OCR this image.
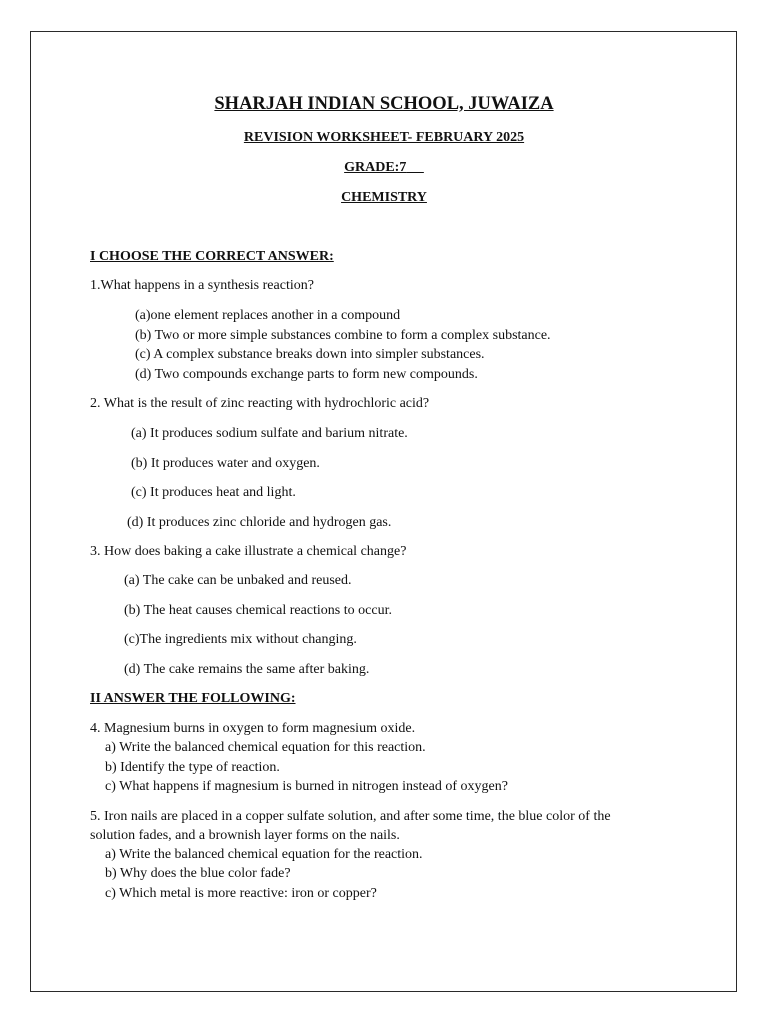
SHARJAH INDIAN SCHOOL, JUWAIZA
REVISION WORKSHEET- FEBRUARY 2025
GRADE:7
CHEMISTRY
I CHOOSE THE CORRECT ANSWER:
1.What happens in a synthesis reaction?
(a)one element replaces another in a compound
(b) Two or more simple substances combine to form a complex substance.
(c) A complex substance breaks down into simpler substances.
(d) Two compounds exchange parts to form new compounds.
2. What is the result of zinc reacting with hydrochloric acid?
(a) It produces sodium sulfate and barium nitrate.
(b) It produces water and oxygen.
(c) It produces heat and light.
(d) It produces zinc chloride and hydrogen gas.
3. How does baking a cake illustrate a chemical change?
(a) The cake can be unbaked and reused.
(b) The heat causes chemical reactions to occur.
(c)The ingredients mix without changing.
(d) The cake remains the same after baking.
II ANSWER THE FOLLOWING:
4. Magnesium burns in oxygen to form magnesium oxide.
a) Write the balanced chemical equation for this reaction.
b) Identify the type of reaction.
c) What happens if magnesium is burned in nitrogen instead of oxygen?
5. Iron nails are placed in a copper sulfate solution, and after some time, the blue color of the
solution fades, and a brownish layer forms on the nails.
a) Write the balanced chemical equation for the reaction.
b) Why does the blue color fade?
c) Which metal is more reactive: iron or copper?
